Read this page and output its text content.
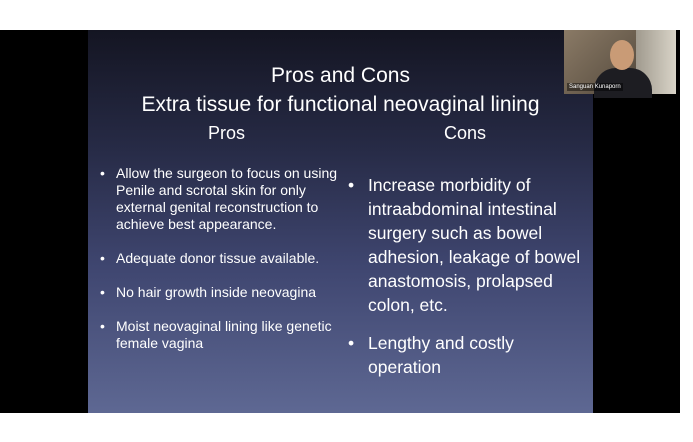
Pros and Cons
Extra tissue for functional neovaginal lining
Pros	Cons
• Allow the surgeon to focus on using Penile and scrotal skin for only external genital reconstruction to achieve best appearance.
• Adequate donor tissue available.
• No hair growth inside neovagina
• Moist neovaginal lining like genetic female vagina
• Increase morbidity of intraabdominal intestinal surgery such as bowel adhesion, leakage of bowel anastomosis, prolapsed colon, etc.
• Lengthy and costly operation
Sanguan Kunaporn
2022-12-15 21:49:47
